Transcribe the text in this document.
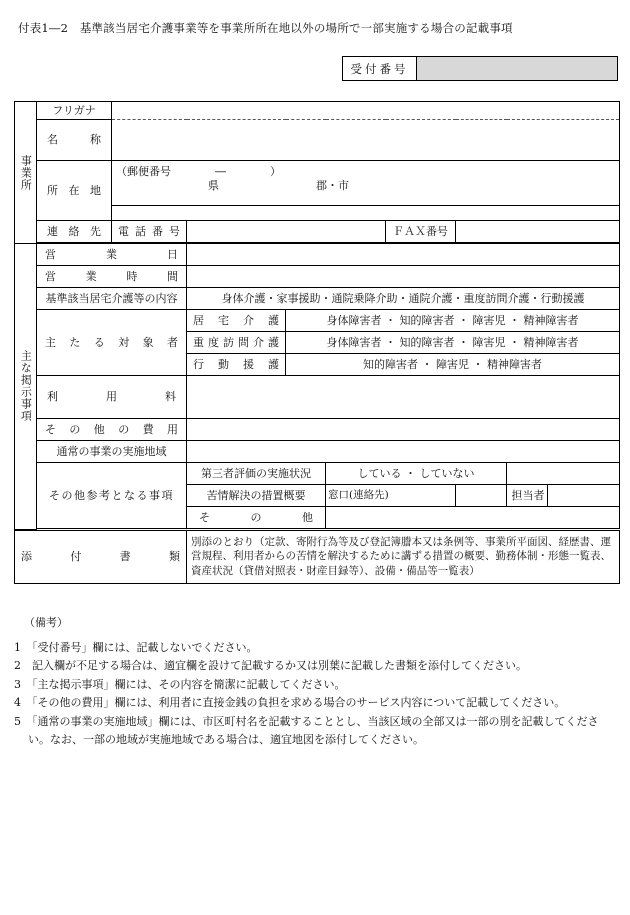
付表1―2　基準該当居宅介護事業等を事業所所在地以外の場所で一部実施する場合の記載事項
受付番号
事業所	フリガナ							
	名称							
	所在地	（郵便番号　　　　―　　　　）
県 郡・市						

	連絡先	電話番号				ＦＡＸ番号		

主な掲示事項	営業日							
	営業時間							
	基準該当居宅介護等の内容		身体介護・家事援助・通院乗降介助・通院介護・重度訪問介護・行動援護					
	主たる対象者		居宅介護	身体障害者 ・ 知的障害者 ・ 障害児 ・ 精神障害者				
			重度訪問介護	身体障害者 ・ 知的障害者 ・ 障害児 ・ 精神障害者				
			行動援護	知的障害者 ・ 障害児 ・ 精神障害者				
	利用料							
	その他の費用							
	通常の事業の実施地域							
	その他参考となる事項		第三者評価の実施状況		している ・ していない			
			苦情解決の措置概要		窓口(連絡先)			担当者
			その他					

添付書類			別添のとおり（定款、寄附行為等及び登記簿謄本又は条例等、事業所平面図、経歴書、運営規程、利用者からの苦情を解決するために講ずる措置の概要、勤務体制・形態一覧表、資産状況（貸借対照表・財産目録等）、設備・備品等一覧表）					
（備考）

1　「受付番号」欄には、記載しないでください。

2　記入欄が不足する場合は、適宜欄を設けて記載するか又は別葉に記載した書類を添付してください。

3　「主な掲示事項」欄には、その内容を簡潔に記載してください。

4　「その他の費用」欄には、利用者に直接金銭の負担を求める場合のサービス内容について記載してください。

5　「通常の事業の実施地域」欄には、市区町村名を記載することとし、当該区域の全部又は一部の別を記載してください。なお、一部の地域が実施地域である場合は、適宜地図を添付してください。
